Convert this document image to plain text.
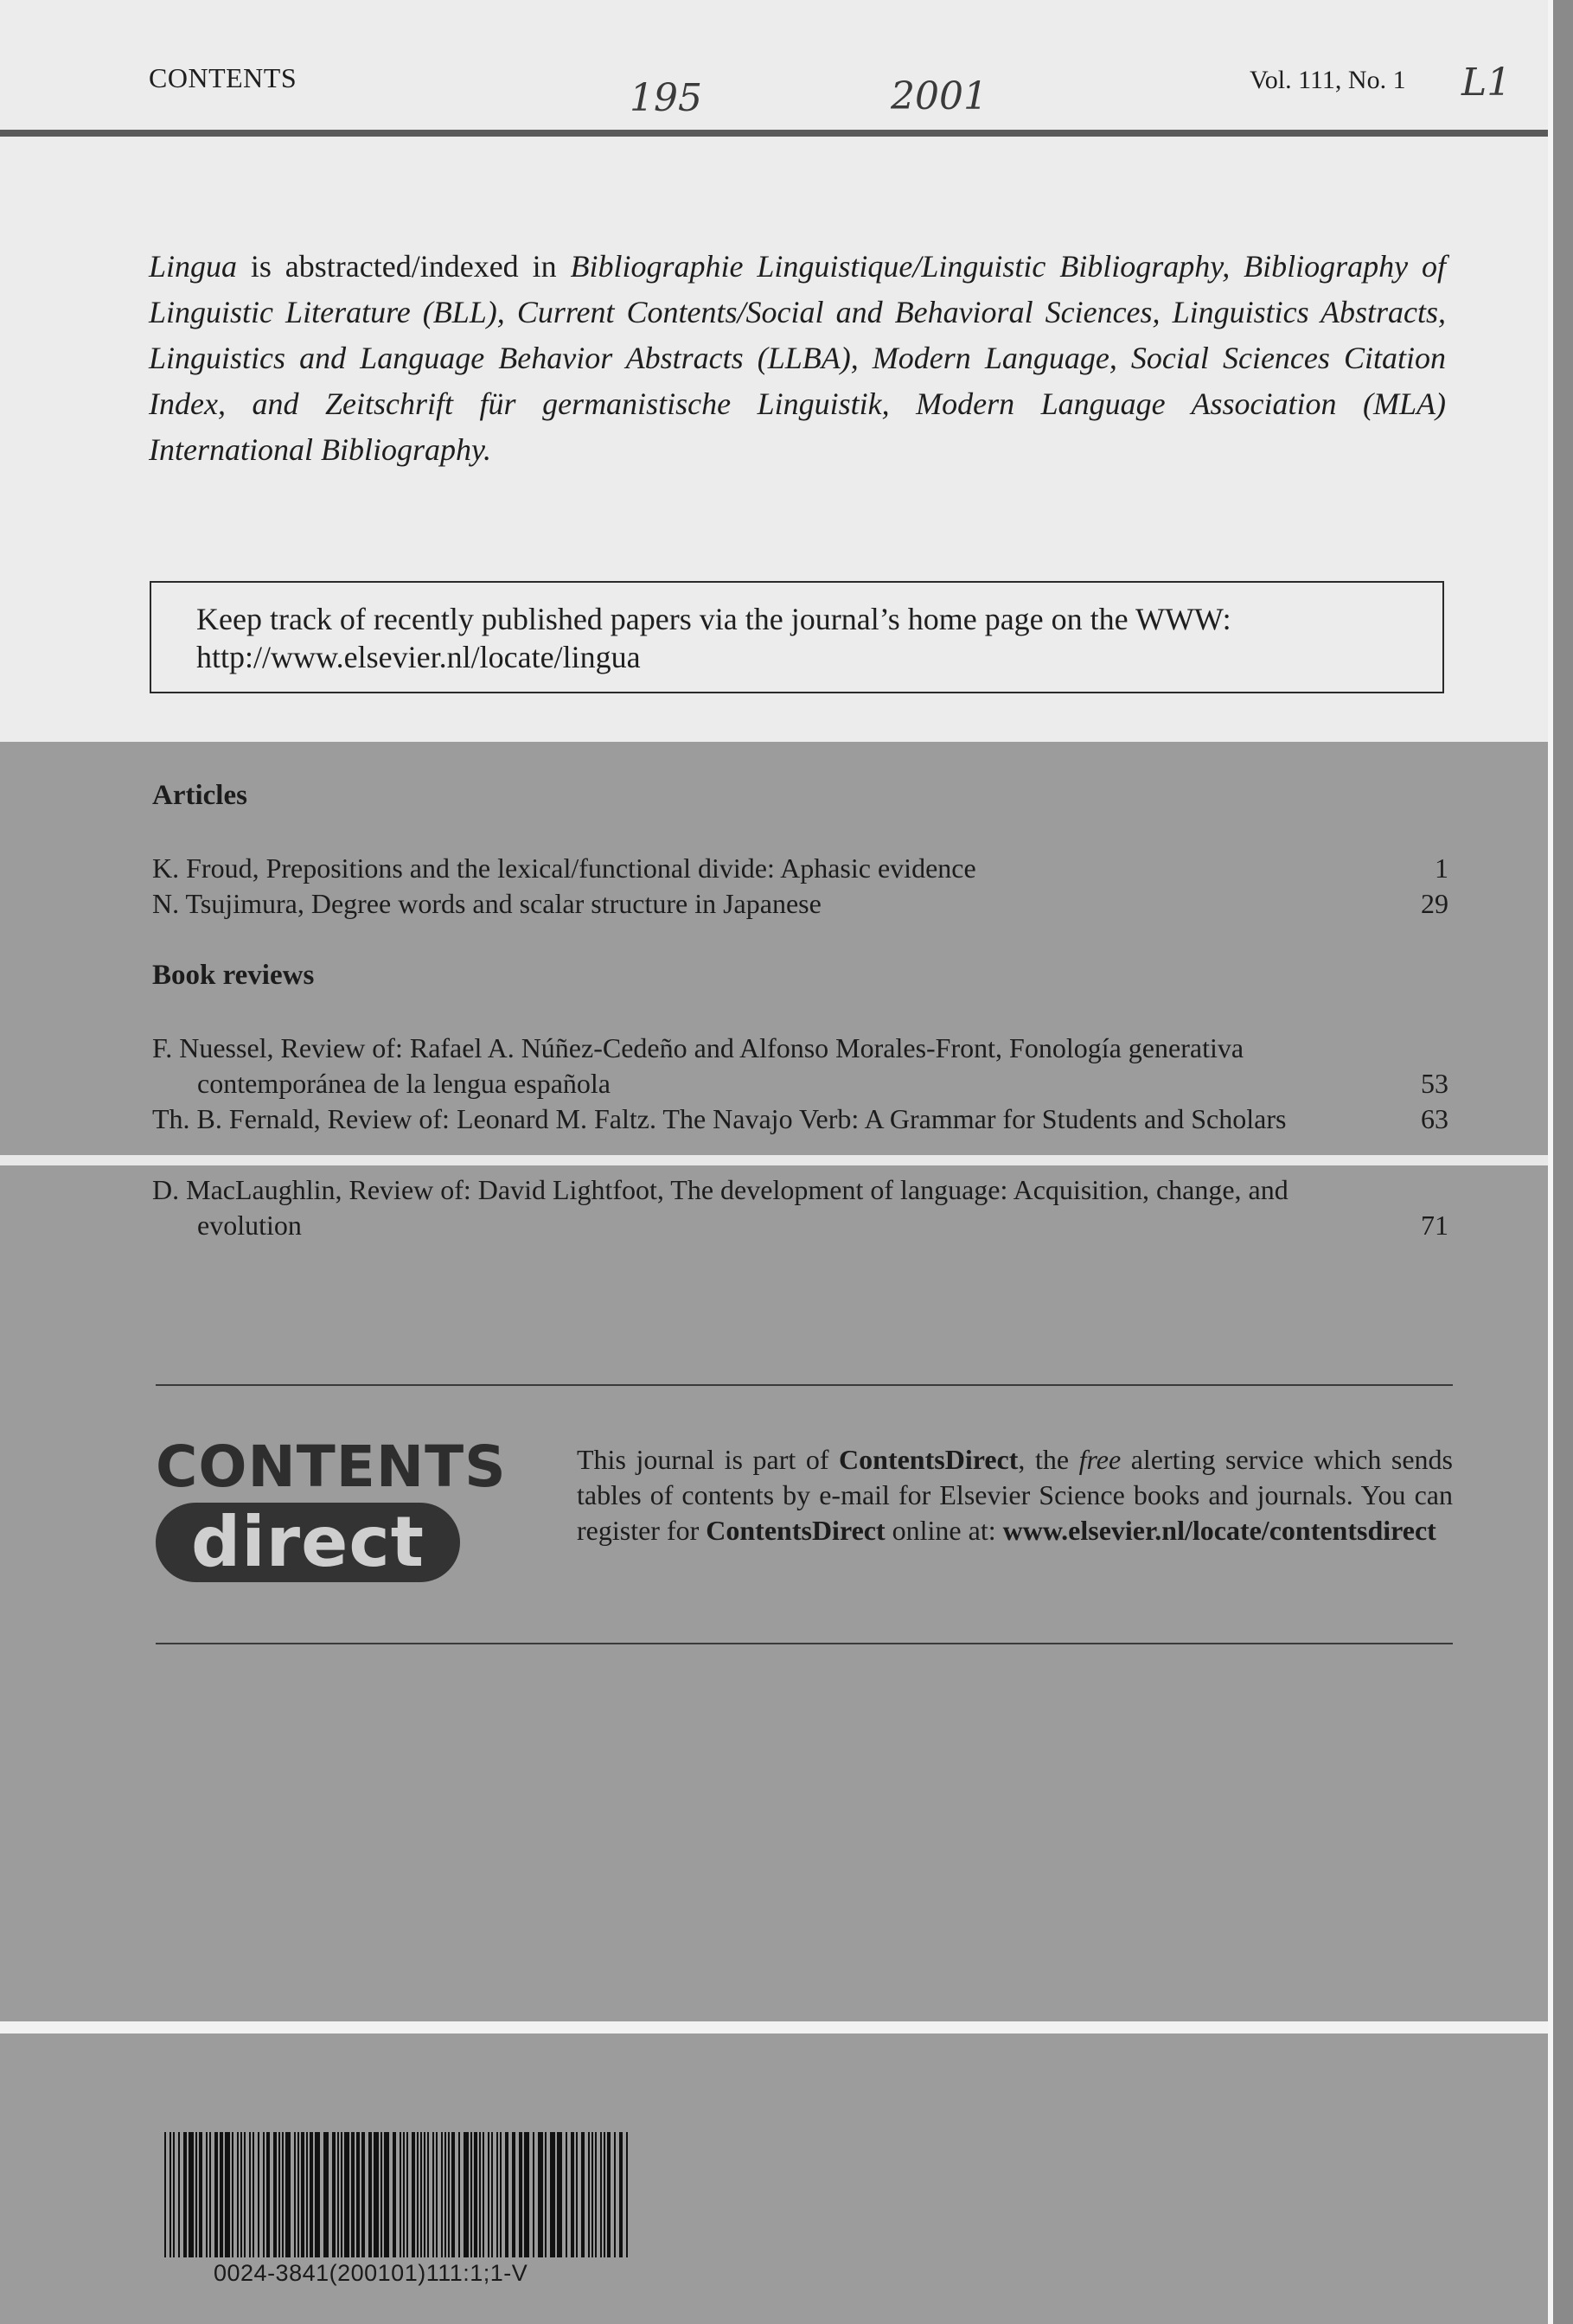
CONTENTS	Vol. 111, No. 1
195	2001	L1
Lingua is abstracted/indexed in Bibliographie Linguistique/Linguistic Bibliography, Bibliography of Linguistic Literature (BLL), Current Contents/Social and Behavioral Sciences, Linguistics Abstracts, Linguistics and Language Behavior Abstracts (LLBA), Modern Language, Social Sciences Citation Index, and Zeitschrift für germanistische Linguistik, Modern Language Association (MLA) International Bibliography.
Keep track of recently published papers via the journal’s home page on the WWW:
http://www.elsevier.nl/locate/lingua
Articles
K. Froud, Prepositions and the lexical/functional divide: Aphasic evidence	1
N. Tsujimura, Degree words and scalar structure in Japanese	29
Book reviews
F. Nuessel, Review of: Rafael A. Núñez-Cedeño and Alfonso Morales-Front, Fonología generativa contemporánea de la lengua española	53
Th. B. Fernald, Review of: Leonard M. Faltz. The Navajo Verb: A Grammar for Students and Scholars	63
D. MacLaughlin, Review of: David Lightfoot, The development of language: Acquisition, change, and evolution	71
CONTENTS
direct
This journal is part of ContentsDirect, the free alerting service which sends tables of contents by e-mail for Elsevier Science books and journals. You can register for ContentsDirect online at: www.elsevier.nl/locate/contentsdirect
0024-3841(200101)111:1;1-V
